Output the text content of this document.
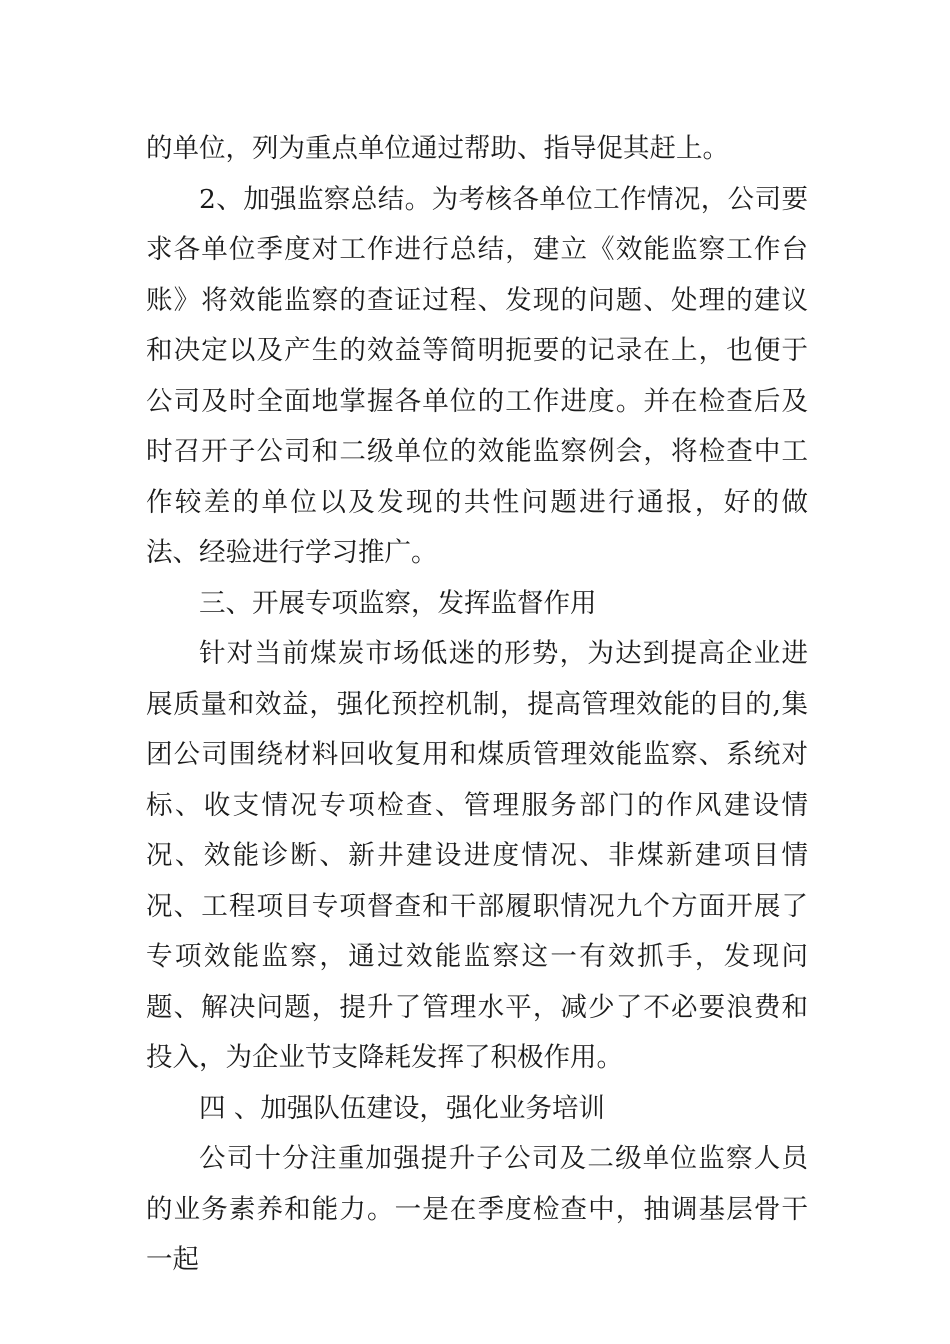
的单位，列为重点单位通过帮助、指导促其赶上。

2、加强监察总结。为考核各单位工作情况，公司要求各单位季度对工作进行总结，建立《效能监察工作台账》将效能监察的查证过程、发现的问题、处理的建议和决定以及产生的效益等简明扼要的记录在上，也便于公司及时全面地掌握各单位的工作进度。并在检查后及时召开子公司和二级单位的效能监察例会，将检查中工作较差的单位以及发现的共性问题进行通报，好的做法、经验进行学习推广。

三、开展专项监察，发挥监督作用

针对当前煤炭市场低迷的形势，为达到提高企业进展质量和效益，强化预控机制，提高管理效能的目的,集团公司围绕材料回收复用和煤质管理效能监察、系统对标、收支情况专项检查、管理服务部门的作风建设情况、效能诊断、新井建设进度情况、非煤新建项目情况、工程项目专项督查和干部履职情况九个方面开展了专项效能监察，通过效能监察这一有效抓手，发现问题、解决问题，提升了管理水平，减少了不必要浪费和投入，为企业节支降耗发挥了积极作用。

四 、加强队伍建设，强化业务培训

公司十分注重加强提升子公司及二级单位监察人员的业务素养和能力。一是在季度检查中，抽调基层骨干一起
